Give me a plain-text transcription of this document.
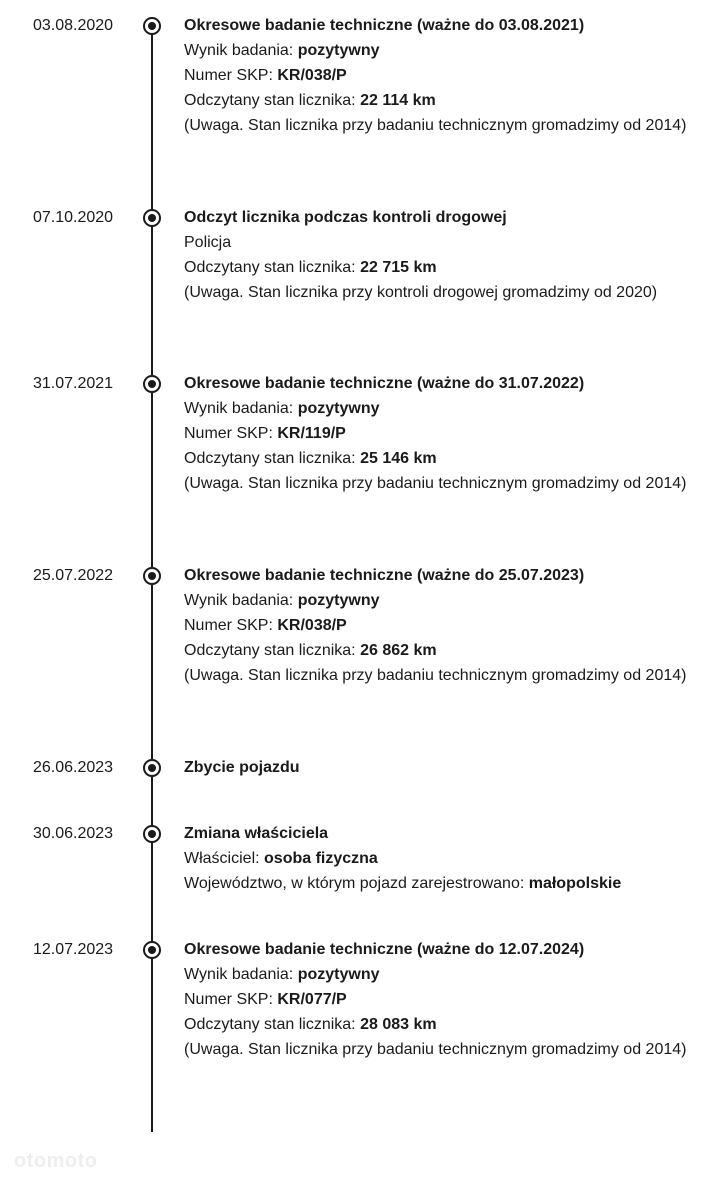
03.08.2020	Okresowe badanie techniczne (ważne do 03.08.2021)
Wynik badania: pozytywny
Numer SKP: KR/038/P
Odczytany stan licznika: 22 114 km
(Uwaga. Stan licznika przy badaniu technicznym gromadzimy od 2014)
07.10.2020	Odczyt licznika podczas kontroli drogowej
Policja
Odczytany stan licznika: 22 715 km
(Uwaga. Stan licznika przy kontroli drogowej gromadzimy od 2020)
31.07.2021	Okresowe badanie techniczne (ważne do 31.07.2022)
Wynik badania: pozytywny
Numer SKP: KR/119/P
Odczytany stan licznika: 25 146 km
(Uwaga. Stan licznika przy badaniu technicznym gromadzimy od 2014)
25.07.2022	Okresowe badanie techniczne (ważne do 25.07.2023)
Wynik badania: pozytywny
Numer SKP: KR/038/P
Odczytany stan licznika: 26 862 km
(Uwaga. Stan licznika przy badaniu technicznym gromadzimy od 2014)
26.06.2023	Zbycie pojazdu
30.06.2023	Zmiana właściciela
Właściciel: osoba fizyczna
Województwo, w którym pojazd zarejestrowano: małopolskie
12.07.2023	Okresowe badanie techniczne (ważne do 12.07.2024)
Wynik badania: pozytywny
Numer SKP: KR/077/P
Odczytany stan licznika: 28 083 km
(Uwaga. Stan licznika przy badaniu technicznym gromadzimy od 2014)
otomoto
